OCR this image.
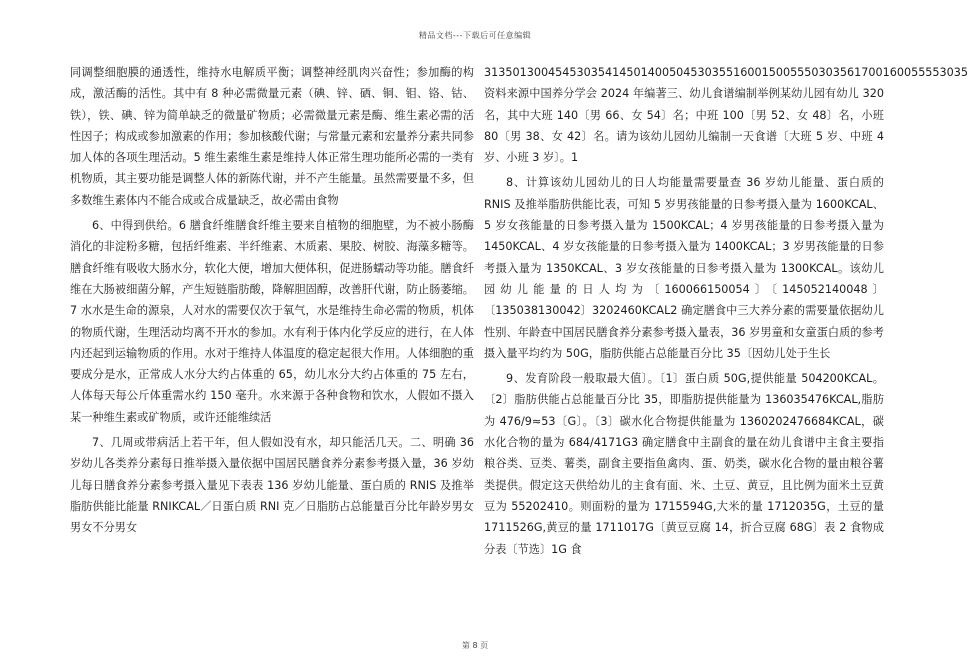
精品文档---下载后可任意编辑

同调整细胞膜的通透性，维持水电解质平衡；调整神经肌肉兴奋性；参加酶的构成，激活酶的活性。其中有 8 种必需微量元素（碘、锌、硒、铜、钼、铬、钴、铁），铁、碘、锌为简单缺乏的微量矿物质；必需微量元素是酶、维生素必需的活性因子；构成或参加激素的作用；参加核酸代谢；与常量元素和宏量养分素共同参加人体的各项生理活动。5 维生素维生素是维持人体正常生理功能所必需的一类有机物质，其主要功能是调整人体的新陈代谢，并不产生能量。虽然需要量不多，但多数维生素体内不能合成或合成量缺乏，故必需由食物

6、中得到供给。6 膳食纤维膳食纤维主要来自植物的细胞壁，为不被小肠酶消化的非淀粉多糖，包括纤维素、半纤维素、木质素、果胶、树胶、海藻多糖等。膳食纤维有吸收大肠水分，软化大便，增加大便体积，促进肠蠕动等功能。膳食纤维在大肠被细菌分解，产生短链脂肪酸，降解胆固醇，改善肝代谢，防止肠萎缩。7 水水是生命的源泉，人对水的需要仅次于氧气，水是维持生命必需的物质，机体的物质代谢，生理活动均离不开水的参加。水有利于体内化学反应的进行，在人体内还起到运输物质的作用。水对于维持人体温度的稳定起很大作用。人体细胞的重要成分是水，正常成人水分大约占体重的 65，幼儿水分大约占体重的 75 左右，人体每天每公斤体重需水约 150 毫升。水来源于各种食物和饮水，人假如不摄入某一种维生素或矿物质，或许还能维续活

7、几周或带病活上若干年，但人假如没有水，却只能活几天。二、明确 36 岁幼儿各类养分素每日推举摄入量依据中国居民膳食养分素参考摄入量，36 岁幼儿每日膳食养分素参考摄入量见下表表 136 岁幼儿能量、蛋白质的 RNIS 及推举脂肪供能比能量 RNIKCAL／日蛋白质 RNI 克／日脂肪占总能量百分比年龄岁男女男女不分男女

31350130045453035414501400504530355160015005550303561700160055553035 资料来源中国养分学会 2024 年编著三、幼儿食谱编制举例某幼儿园有幼儿 320 名，其中大班 140〔男 66、女 54〕名；中班 100〔男 52、女 48〕名，小班 80〔男 38、女 42〕名。请为该幼儿园幼儿编制一天食谱〔大班 5 岁、中班 4 岁、小班 3 岁〕。1

8、计算该幼儿园幼儿的日人均能量需要量查 36 岁幼儿能量、蛋白质的 RNIS 及推举脂肪供能比表，可知 5 岁男孩能量的日参考摄入量为 1600KCAL、5 岁女孩能量的日参考摄入量为 1500KCAL；4 岁男孩能量的日参考摄入量为 1450KCAL、4 岁女孩能量的日参考摄入量为 1400KCAL；3 岁男孩能量的日参考摄入量为 1350KCAL、3 岁女孩能量的日参考摄入量为 1300KCAL。该幼儿园幼儿能量的日人均为〔160066150054〕〔145052140048〕〔135038130042〕3202460KCAL2 确定膳食中三大养分素的需要量依据幼儿性别、年龄查中国居民膳食养分素参考摄入量表，36 岁男童和女童蛋白质的参考摄入量平均约为 50G，脂肪供能占总能量百分比 35〔因幼儿处于生长

9、发育阶段一般取最大值〕。〔1〕蛋白质 50G,提供能量 504200KCAL。〔2〕脂肪供能占总能量百分比 35，即脂肪提供能量为 136035476KCAL,脂肪为 476/9≈53〔G〕。〔3〕碳水化合物提供能量为 1360202476684KCAL，碳水化合物的量为 684/4171G3 确定膳食中主副食的量在幼儿食谱中主食主要指粮谷类、豆类、薯类，副食主要指鱼禽肉、蛋、奶类，碳水化合物的量由粮谷薯类提供。假定这天供给幼儿的主食有面、米、土豆、黄豆，且比例为面米土豆黄豆为 55202410。则面粉的量为 1715594G,大米的量 1712035G，土豆的量 1711526G,黄豆的量 1711017G〔黄豆豆腐 14，折合豆腐 68G〕表 2 食物成分表〔节选〕1G 食

第 8 页
